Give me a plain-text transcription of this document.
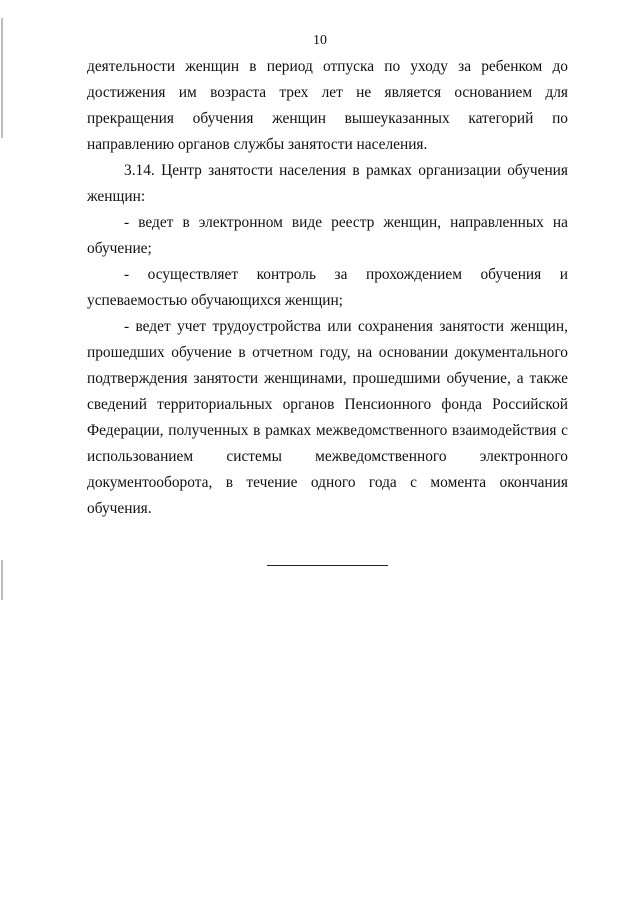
10

деятельности женщин в период отпуска по уходу за ребенком до достижения им возраста трех лет не является основанием для прекращения обучения женщин вышеуказанных категорий по направлению органов службы занятости населения.

3.14. Центр занятости населения в рамках организации обучения женщин:

- ведет в электронном виде реестр женщин, направленных на обучение;

- осуществляет контроль за прохождением обучения и успеваемостью обучающихся женщин;

- ведет учет трудоустройства или сохранения занятости женщин, прошедших обучение в отчетном году, на основании документального подтверждения занятости женщинами, прошедшими обучение, а также сведений территориальных органов Пенсионного фонда Российской Федерации, полученных в рамках межведомственного взаимодействия с использованием системы межведомственного электронного документооборота, в течение одного года с момента окончания обучения.
